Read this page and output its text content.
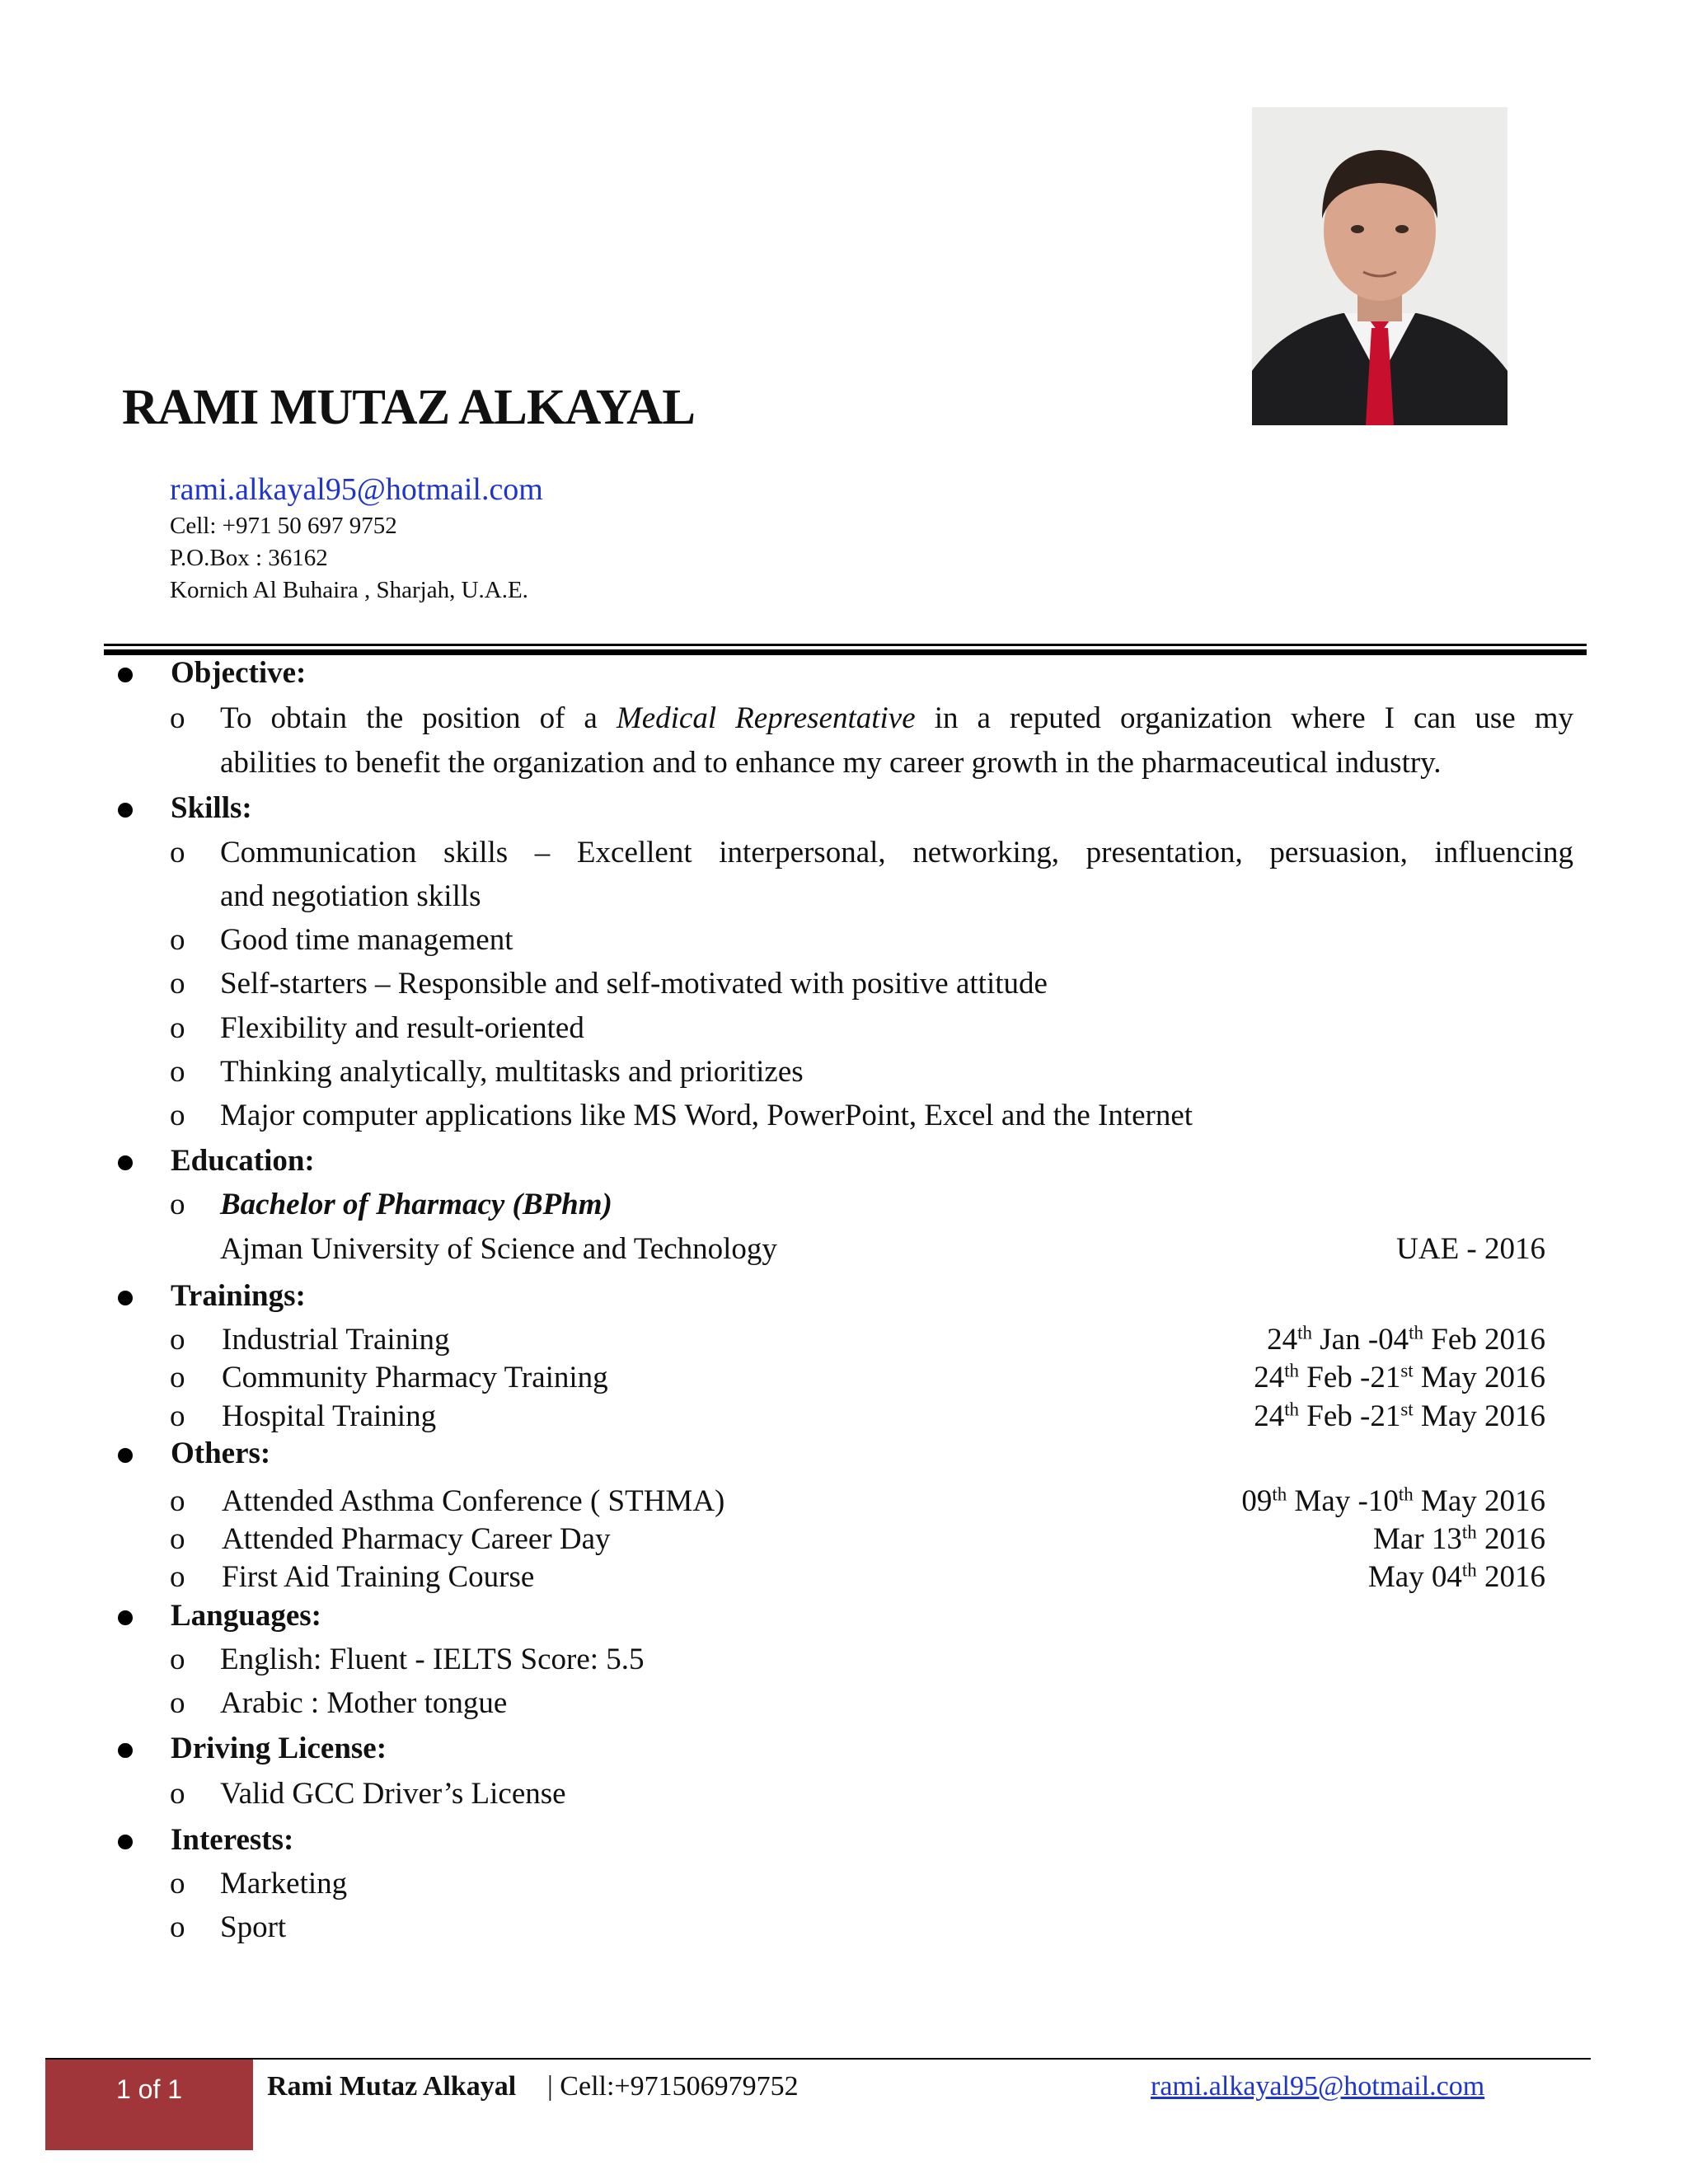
RAMI MUTAZ ALKAYAL
rami.alkayal95@hotmail.com
Cell: +971 50 697 9752
P.O.Box : 36162
Kornich Al Buhaira , Sharjah, U.A.E.
Objective:
o To obtain the position of a Medical Representative in a reputed organization where I can use my
abilities to benefit the organization and to enhance my career growth in the pharmaceutical industry.
Skills:
o Communication skills – Excellent interpersonal, networking, presentation, persuasion, influencing
and negotiation skills
o Good time management
o Self-starters – Responsible and self-motivated with positive attitude
o Flexibility and result-oriented
o Thinking analytically, multitasks and prioritizes
o Major computer applications like MS Word, PowerPoint, Excel and the Internet
Education:
o Bachelor of Pharmacy (BPhm)
Ajman University of Science and Technology	UAE - 2016
Trainings:
o Industrial Training	24th Jan -04th Feb 2016
o Community Pharmacy Training	24th Feb -21st May 2016
o Hospital Training	24th Feb -21st May 2016
Others:
o Attended Asthma Conference ( STHMA)	09th May -10th May 2016
o Attended Pharmacy Career Day	Mar 13th 2016
o First Aid Training Course	May 04th 2016
Languages:
o English: Fluent - IELTS Score: 5.5
o Arabic : Mother tongue
Driving License:
o Valid GCC Driver’s License
Interests:
o Marketing
o Sport
1 of 1	Rami Mutaz Alkayal | Cell:+971506979752	rami.alkayal95@hotmail.com
